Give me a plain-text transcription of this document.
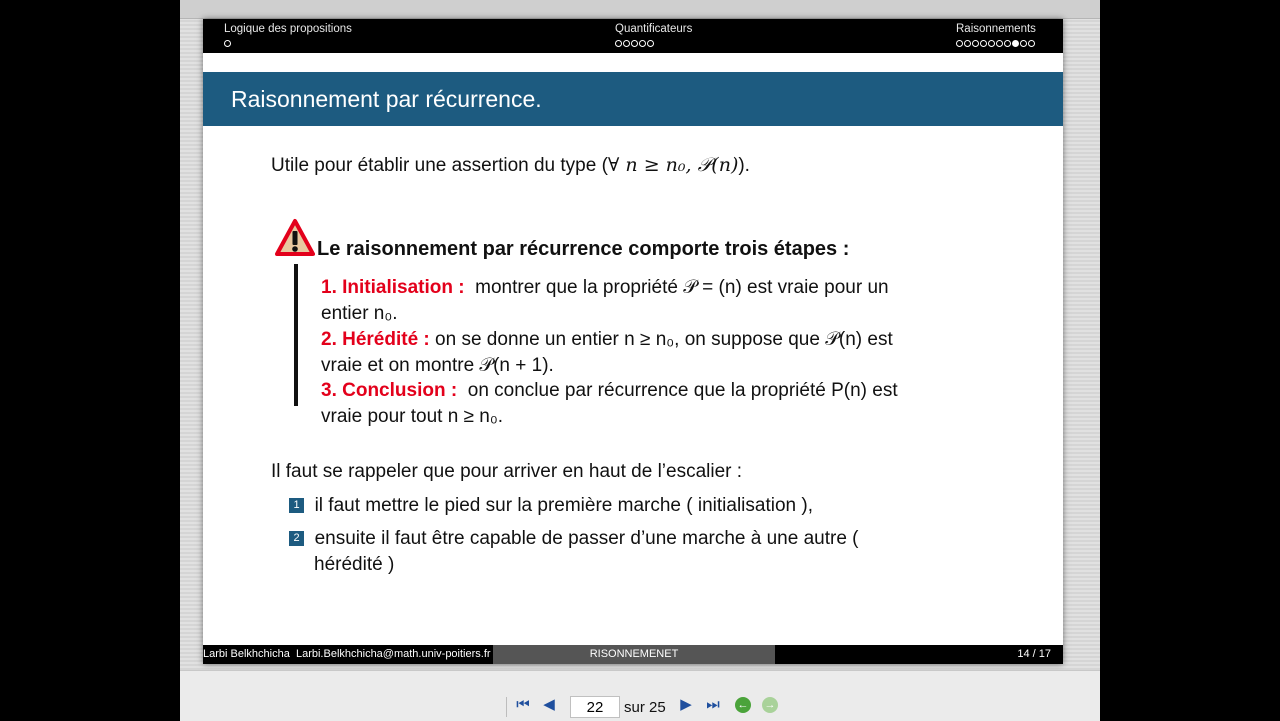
Logique des propositions	Quantificateurs	Raisonnements
Raisonnement par récurrence.
Utile pour établir une assertion du type (∀ n ≥ n₀, 𝒫(n)).
Le raisonnement par récurrence comporte trois étapes :
1. Initialisation : montrer que la propriété 𝒫 = (n) est vraie pour un
entier n₀.
2. Hérédité : on se donne un entier n ≥ n₀, on suppose que 𝒫(n) est
vraie et on montre 𝒫(n + 1).
3. Conclusion : on conclue par récurrence que la propriété P(n) est
vraie pour tout n ≥ n₀.
Il faut se rappeler que pour arriver en haut de l’escalier :
1 il faut mettre le pied sur la première marche ( initialisation ),
2 ensuite il faut être capable de passer d’une marche à une autre (
hérédité )
Larbi Belkhchicha Larbi.Belkhchicha@math.univ-poitiers.fr	RISONNEMENET	14 / 17
⏮ ◀
22	sur 25 ▶ ⏭ ← →
